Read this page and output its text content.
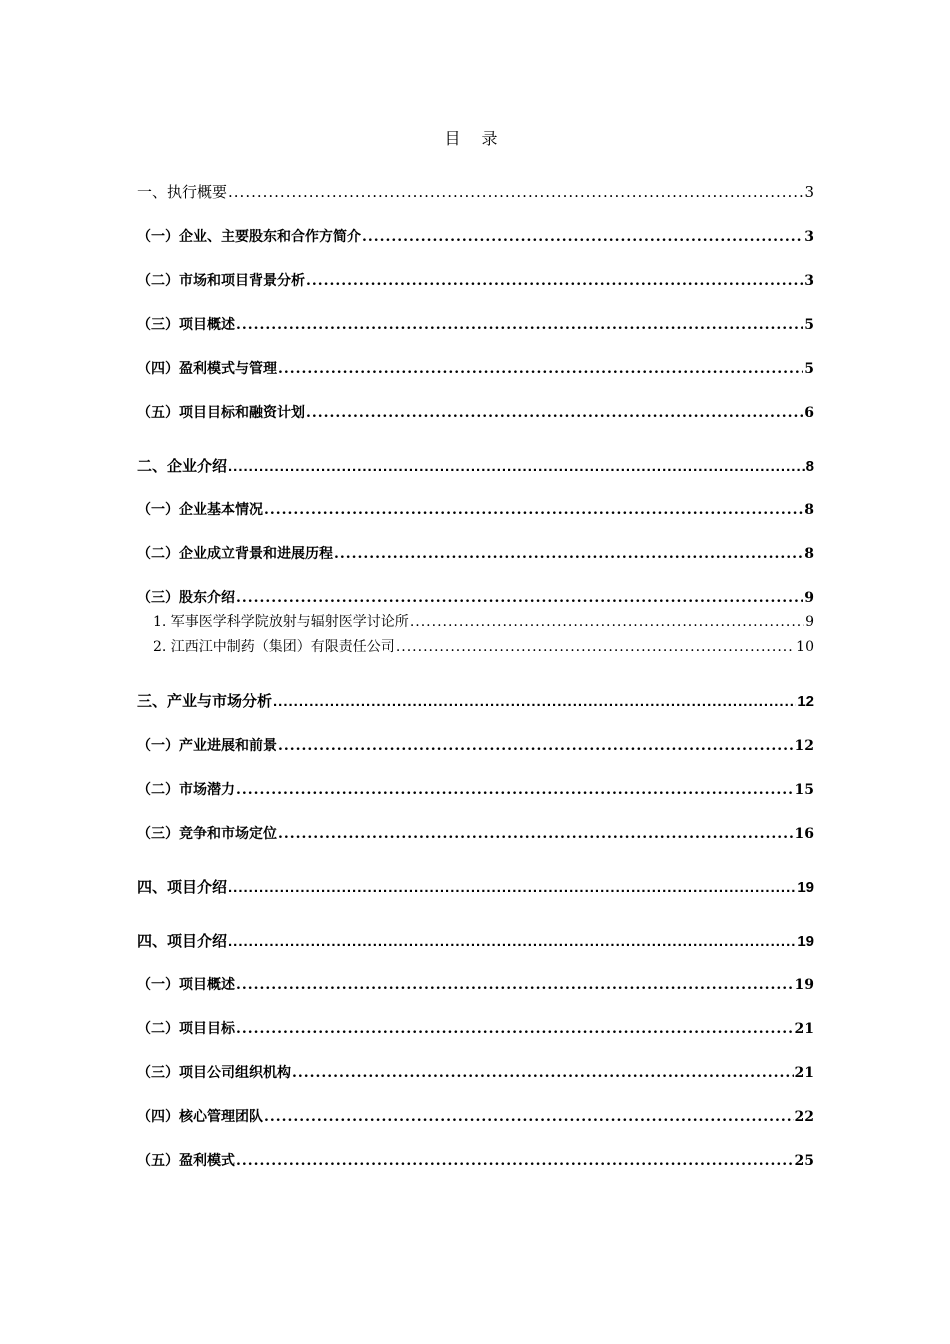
目 录
一、执行概要 .....	3
（一）企业、主要股东和合作方简介 .....	3
（二）市场和项目背景分析 .....	3
（三）项目概述 .....	5
（四）盈利模式与管理 .....	5
（五）项目目标和融资计划 .....	6
二、企业介绍 .....	8
（一）企业基本情况 .....	8
（二）企业成立背景和进展历程 .....	8
（三）股东介绍 .....	9
1. 军事医学科学院放射与辐射医学讨论所 .....	9
2. 江西江中制药（集团）有限责任公司 .....	10
三、产业与市场分析 .....	12
（一）产业进展和前景 .....	12
（二）市场潜力 .....	15
（三）竞争和市场定位 .....	16
四、项目介绍 .....	19
四、项目介绍 .....	19
（一）项目概述 .....	19
（二）项目目标 .....	21
（三）项目公司组织机构 .....	21
（四）核心管理团队 .....	22
（五）盈利模式 .....	25
